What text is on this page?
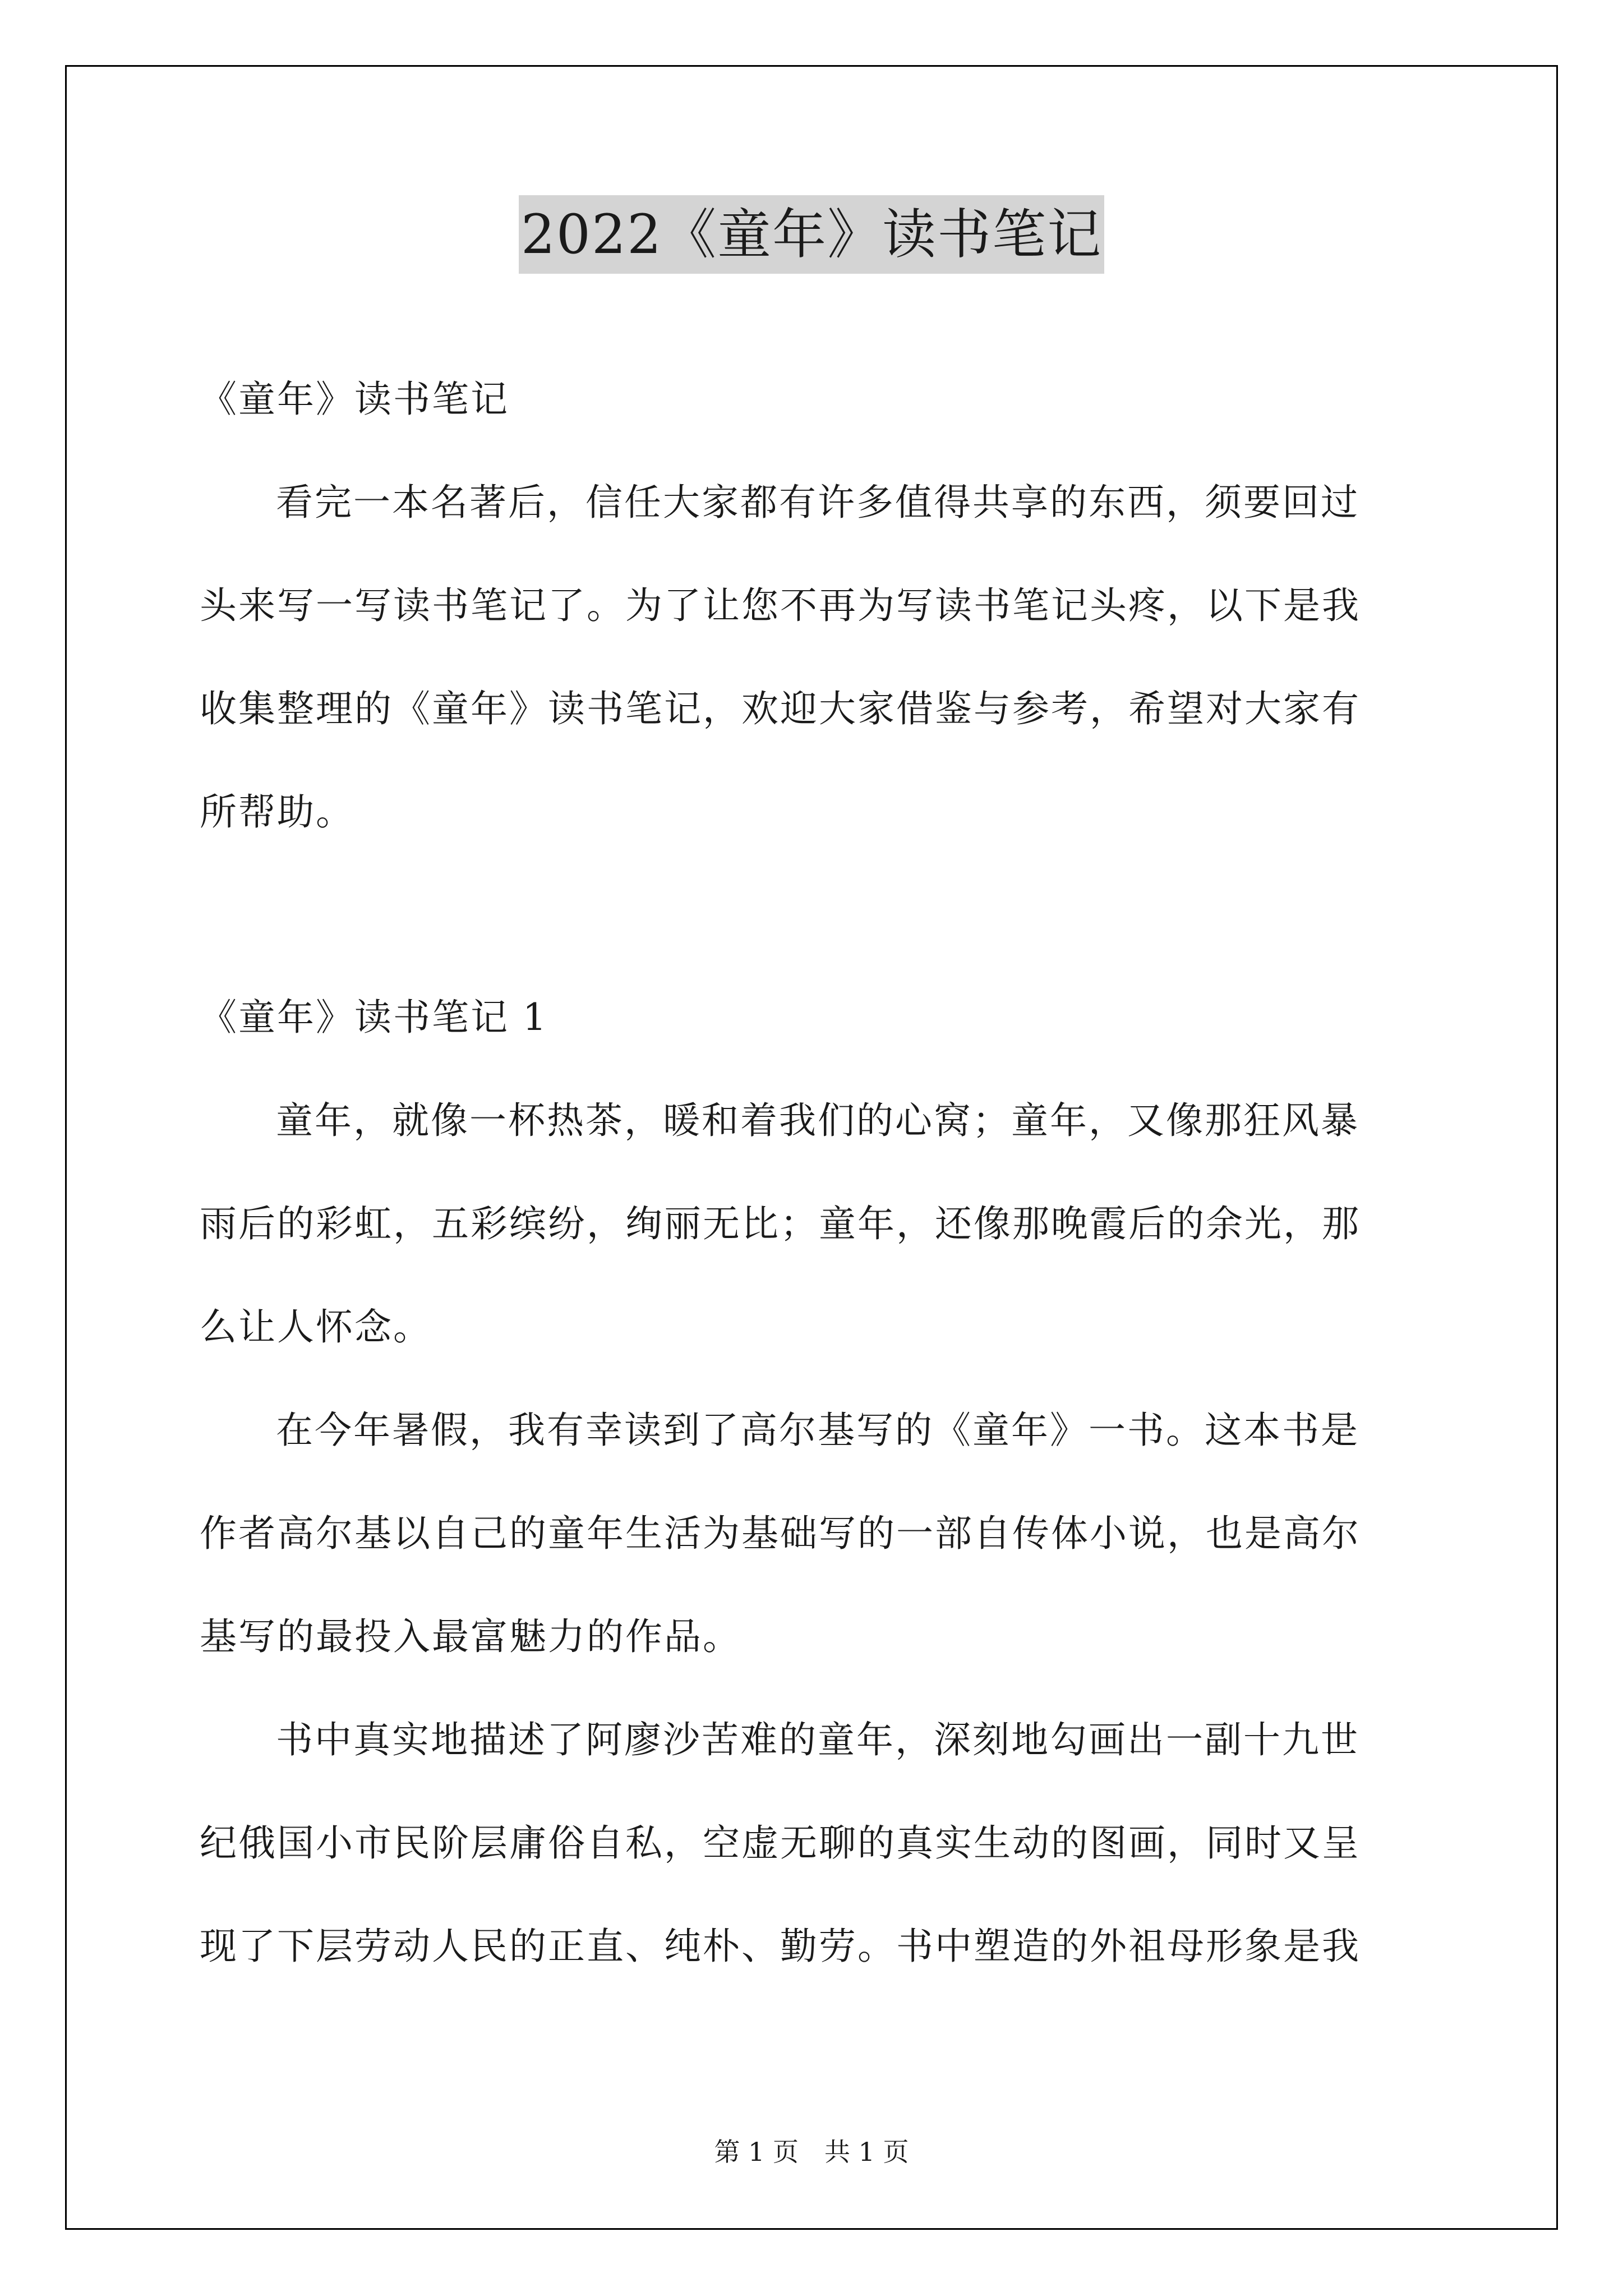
2022《童年》读书笔记
《童年》读书笔记
看完一本名著后，信任大家都有许多值得共享的东西，须要回过
头来写一写读书笔记了。为了让您不再为写读书笔记头疼，以下是我
收集整理的《童年》读书笔记，欢迎大家借鉴与参考，希望对大家有
所帮助。
《童年》读书笔记 1
童年，就像一杯热茶，暖和着我们的心窝；童年，又像那狂风暴
雨后的彩虹，五彩缤纷，绚丽无比；童年，还像那晚霞后的余光，那
么让人怀念。
在今年暑假，我有幸读到了高尔基写的《童年》一书。这本书是
作者高尔基以自己的童年生活为基础写的一部自传体小说，也是高尔
基写的最投入最富魅力的作品。
书中真实地描述了阿廖沙苦难的童年，深刻地勾画出一副十九世
纪俄国小市民阶层庸俗自私，空虚无聊的真实生动的图画，同时又呈
现了下层劳动人民的正直、纯朴、勤劳。书中塑造的外祖母形象是我
第 1 页 共 1 页
